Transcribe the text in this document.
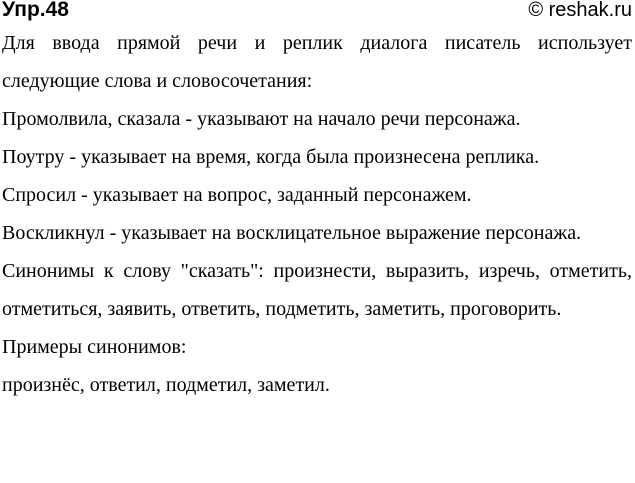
Упр.48	© reshak.ru

Для ввода прямой речи и реплик диалога писатель использует следующие слова и словосочетания:

Промолвила, сказала - указывают на начало речи персонажа.

Поутру - указывает на время, когда была произнесена реплика.

Спросил - указывает на вопрос, заданный персонажем.

Воскликнул - указывает на восклицательное выражение персонажа.

Синонимы к слову "сказать": произнести, выразить, изречь, отметить, отметиться, заявить, ответить, подметить, заметить, проговорить.

Примеры синонимов:

произнёс, ответил, подметил, заметил.
